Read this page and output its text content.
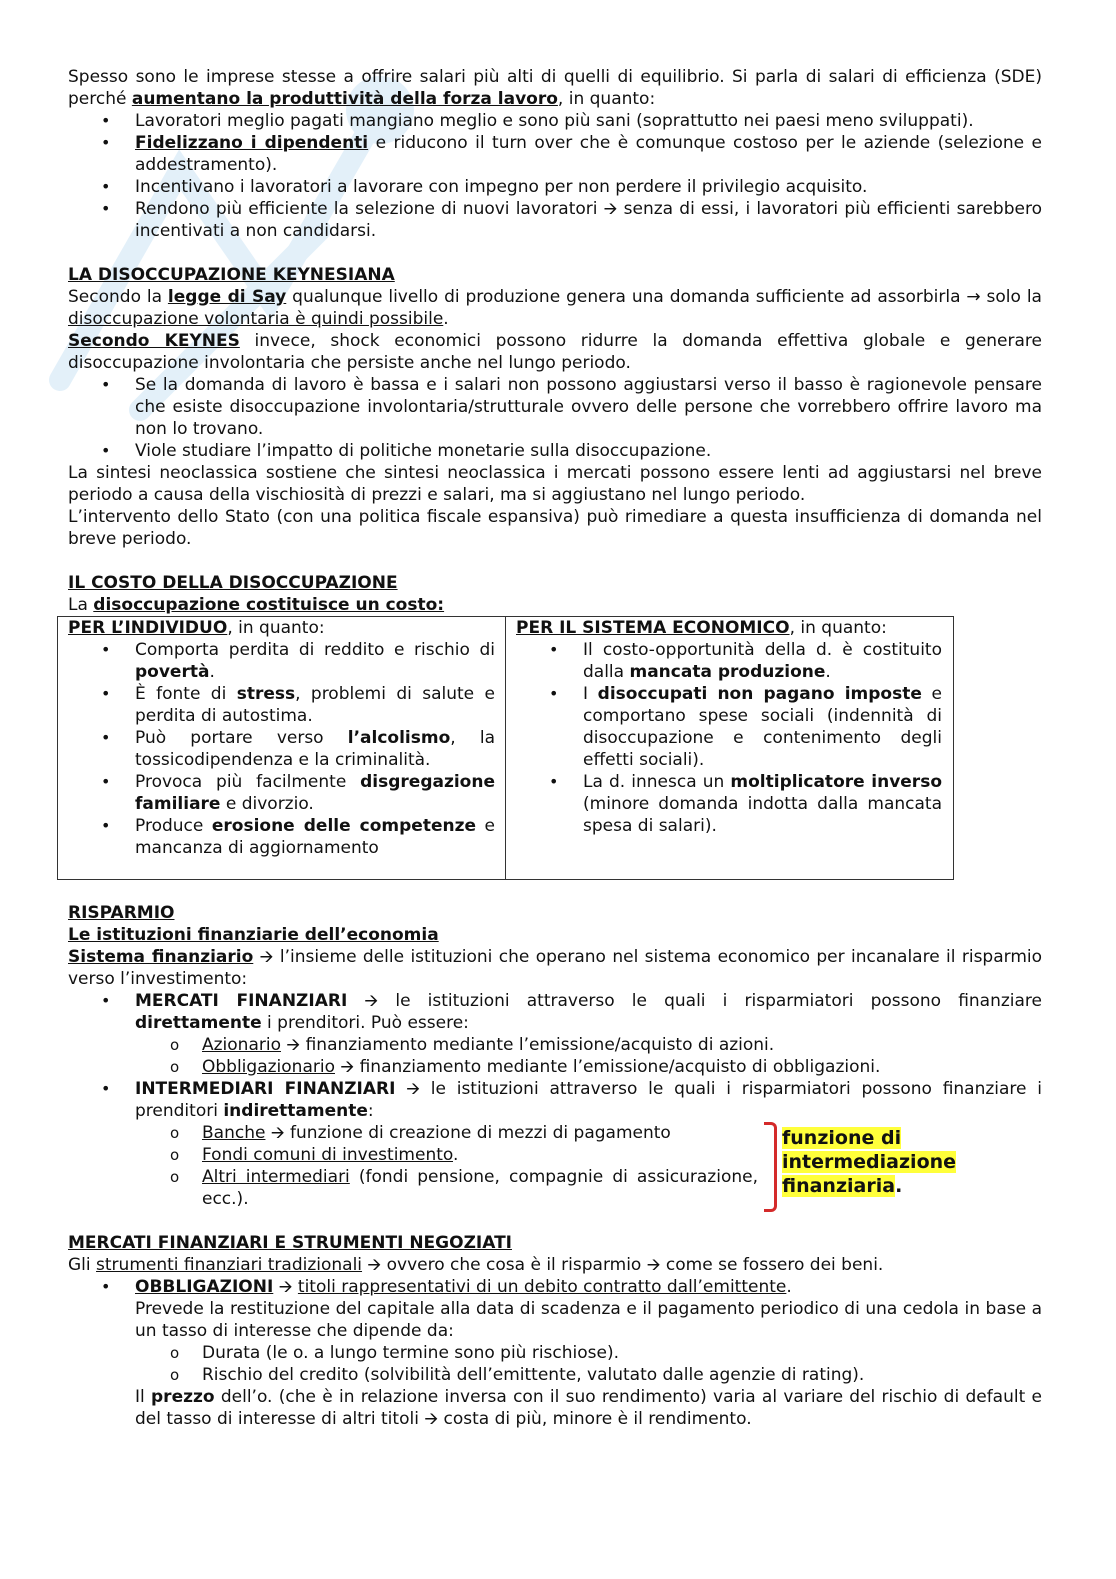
Spesso sono le imprese stesse a offrire salari più alti di quelli di equilibrio. Si parla di salari di efficienza (SDE) perché aumentano la produttività della forza lavoro, in quanto:

• Lavoratori meglio pagati mangiano meglio e sono più sani (soprattutto nei paesi meno sviluppati).
• Fidelizzano i dipendenti e riducono il turn over che è comunque costoso per le aziende (selezione e addestramento).
• Incentivano i lavoratori a lavorare con impegno per non perdere il privilegio acquisito.
• Rendono più efficiente la selezione di nuovi lavoratori 🡪 senza di essi, i lavoratori più efficienti sarebbero incentivati a non candidarsi.

LA DISOCCUPAZIONE KEYNESIANA

Secondo la legge di Say qualunque livello di produzione genera una domanda sufficiente ad assorbirla → solo la disoccupazione volontaria è quindi possibile.

Secondo KEYNES invece, shock economici possono ridurre la domanda effettiva globale e generare disoccupazione involontaria che persiste anche nel lungo periodo.

• Se la domanda di lavoro è bassa e i salari non possono aggiustarsi verso il basso è ragionevole pensare che esiste disoccupazione involontaria/strutturale ovvero delle persone che vorrebbero offrire lavoro ma non lo trovano.
• Viole studiare l’impatto di politiche monetarie sulla disoccupazione.

La sintesi neoclassica sostiene che sintesi neoclassica i mercati possono essere lenti ad aggiustarsi nel breve periodo a causa della vischiosità di prezzi e salari, ma si aggiustano nel lungo periodo.

L’intervento dello Stato (con una politica fiscale espansiva) può rimediare a questa insufficienza di domanda nel breve periodo.

IL COSTO DELLA DISOCCUPAZIONE

La disoccupazione costituisce un costo:

PER L’INDIVIDUO, in quanto:

• Comporta perdita di reddito e rischio di povertà.
• È fonte di stress, problemi di salute e perdita di autostima.
• Può portare verso l’alcolismo, la tossicodipendenza e la criminalità.
• Provoca più facilmente disgregazione familiare e divorzio.
• Produce erosione delle competenze e mancanza di aggiornamento

PER IL SISTEMA ECONOMICO, in quanto:

• Il costo-opportunità della d. è costituito dalla mancata produzione.
• I disoccupati non pagano imposte e comportano spese sociali (indennità di disoccupazione e contenimento degli effetti sociali).
• La d. innesca un moltiplicatore inverso (minore domanda indotta dalla mancata spesa di salari).

RISPARMIO

Le istituzioni finanziarie dell’economia

Sistema finanziario 🡪 l’insieme delle istituzioni che operano nel sistema economico per incanalare il risparmio verso l’investimento:

• MERCATI FINANZIARI 🡪 le istituzioni attraverso le quali i risparmiatori possono finanziare direttamente i prenditori. Può essere:
o Azionario 🡪 finanziamento mediante l’emissione/acquisto di azioni.
o Obbligazionario 🡪 finanziamento mediante l’emissione/acquisto di obbligazioni.
• INTERMEDIARI FINANZIARI 🡪 le istituzioni attraverso le quali i risparmiatori possono finanziare i prenditori indirettamente:
o Banche 🡪 funzione di creazione di mezzi di pagamento
o Fondi comuni di investimento.
o Altri intermediari (fondi pensione, compagnie di assicurazione, ecc.).
funzione di
intermediazione
finanziaria.

MERCATI FINANZIARI E STRUMENTI NEGOZIATI

Gli strumenti finanziari tradizionali 🡪 ovvero che cosa è il risparmio 🡪 come se fossero dei beni.

• OBBLIGAZIONI 🡪 titoli rappresentativi di un debito contratto dall’emittente.

Prevede la restituzione del capitale alla data di scadenza e il pagamento periodico di una cedola in base a un tasso di interesse che dipende da:

o Durata (le o. a lungo termine sono più rischiose).
o Rischio del credito (solvibilità dell’emittente, valutato dalle agenzie di rating).

Il prezzo dell’o. (che è in relazione inversa con il suo rendimento) varia al variare del rischio di default e del tasso di interesse di altri titoli 🡪 costa di più, minore è il rendimento.
